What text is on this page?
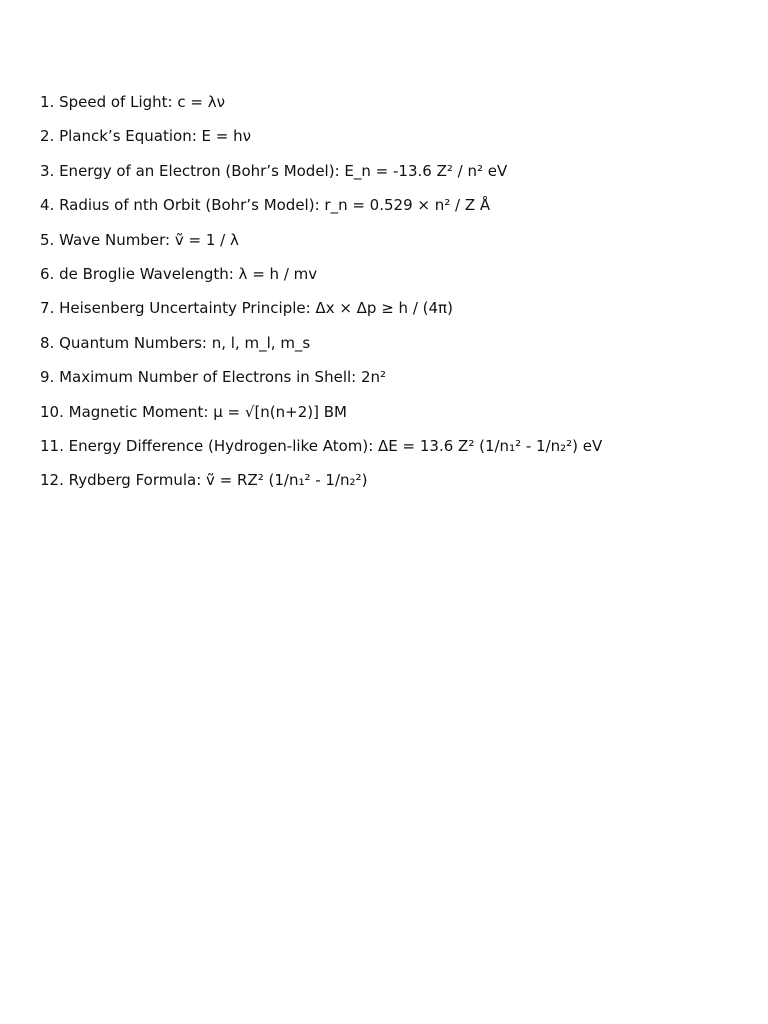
1. Speed of Light: c = λν
2. Planck’s Equation: E = hν
3. Energy of an Electron (Bohr’s Model): E_n = -13.6 Z² / n² eV
4. Radius of nth Orbit (Bohr’s Model): r_n = 0.529 × n² / Z Å
5. Wave Number: ṽ = 1 / λ
6. de Broglie Wavelength: λ = h / mv
7. Heisenberg Uncertainty Principle: Δx × Δp ≥ h / (4π)
8. Quantum Numbers: n, l, m_l, m_s
9. Maximum Number of Electrons in Shell: 2n²
10. Magnetic Moment: μ = √[n(n+2)] BM
11. Energy Difference (Hydrogen-like Atom): ΔE = 13.6 Z² (1/n₁² - 1/n₂²) eV
12. Rydberg Formula: ṽ = RZ² (1/n₁² - 1/n₂²)
